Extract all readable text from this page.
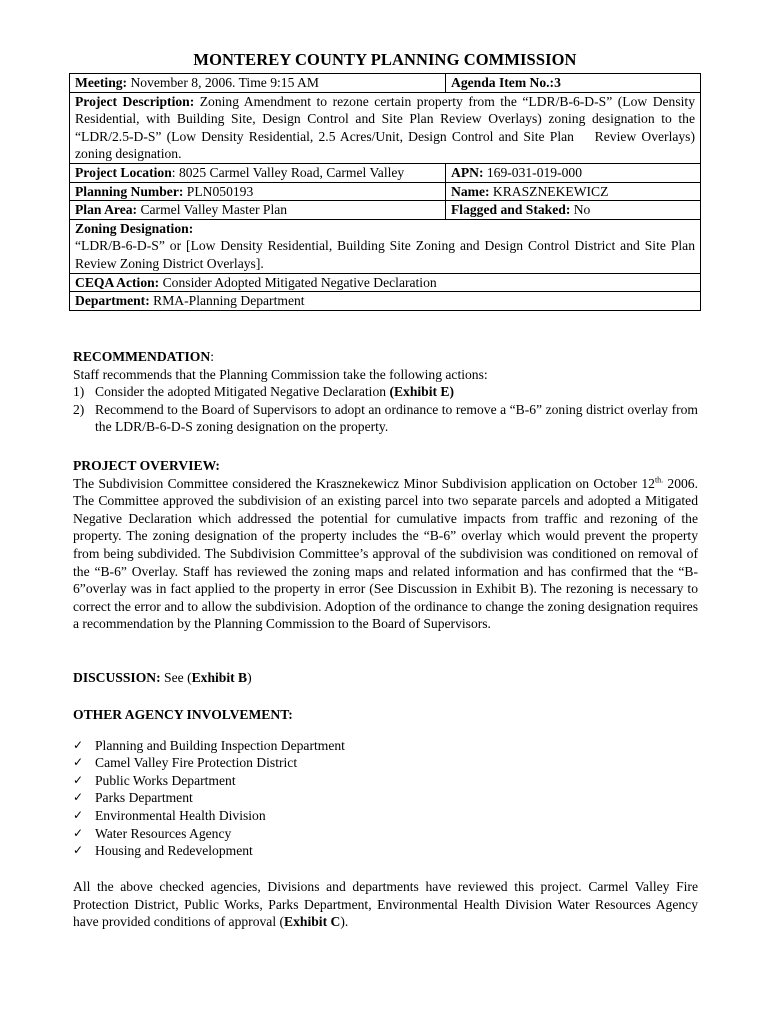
MONTEREY COUNTY PLANNING COMMISSION
Meeting: November 8, 2006. Time 9:15 AM	Agenda Item No.:3
Project Description: Zoning Amendment to rezone certain property from the “LDR/B-6-D-S” (Low Density Residential, with Building Site, Design Control and Site Plan Review Overlays) zoning designation to the “LDR/2.5-D-S” (Low Density Residential, 2.5 Acres/Unit, Design Control and Site Plan    Review Overlays) zoning designation.	
Project Location: 8025 Carmel Valley Road, Carmel Valley	APN: 169-031-019-000
Planning Number: PLN050193	Name: KRASZNEKEWICZ
Plan Area: Carmel Valley Master Plan	Flagged and Staked: No

Zoning Designation:
“LDR/B-6-D-S” or [Low Density Residential, Building Site Zoning and Design Control District and Site Plan Review Zoning District Overlays].	

CEQA Action: Consider Adopted Mitigated Negative Declaration	
Department: RMA-Planning Department	
RECOMMENDATION:
Staff recommends that the Planning Commission take the following actions:
1) Consider the adopted Mitigated Negative Declaration (Exhibit E)
2) Recommend to the Board of Supervisors to adopt an ordinance to remove a “B-6” zoning district overlay from the LDR/B-6-D-S zoning designation on the property.
PROJECT OVERVIEW:
The Subdivision Committee considered the Krasznekewicz Minor Subdivision application on October $12^{th.}$ 2006. The Committee approved the subdivision of an existing parcel into two separate parcels and adopted a Mitigated Negative Declaration which addressed the potential for cumulative impacts from traffic and rezoning of the property. The zoning designation of the property includes the “B-6” overlay which would prevent the property from being subdivided. The Subdivision Committee’s approval of the subdivision was conditioned on removal of the “B-6” Overlay. Staff has reviewed the zoning maps and related information and has confirmed that the “B-6”overlay was in fact applied to the property in error (See Discussion in Exhibit B). The rezoning is necessary to correct the error and to allow the subdivision. Adoption of the ordinance to change the zoning designation requires a recommendation by the Planning Commission to the Board of Supervisors.
DISCUSSION: See (Exhibit B)
OTHER AGENCY INVOLVEMENT:
✓ Planning and Building Inspection Department
✓ Camel Valley Fire Protection District
✓ Public Works Department
✓ Parks Department
✓ Environmental Health Division
✓ Water Resources Agency
✓ Housing and Redevelopment
All the above checked agencies, Divisions and departments have reviewed this project. Carmel Valley Fire Protection District, Public Works, Parks Department, Environmental Health Division Water Resources Agency have provided conditions of approval (Exhibit C).
